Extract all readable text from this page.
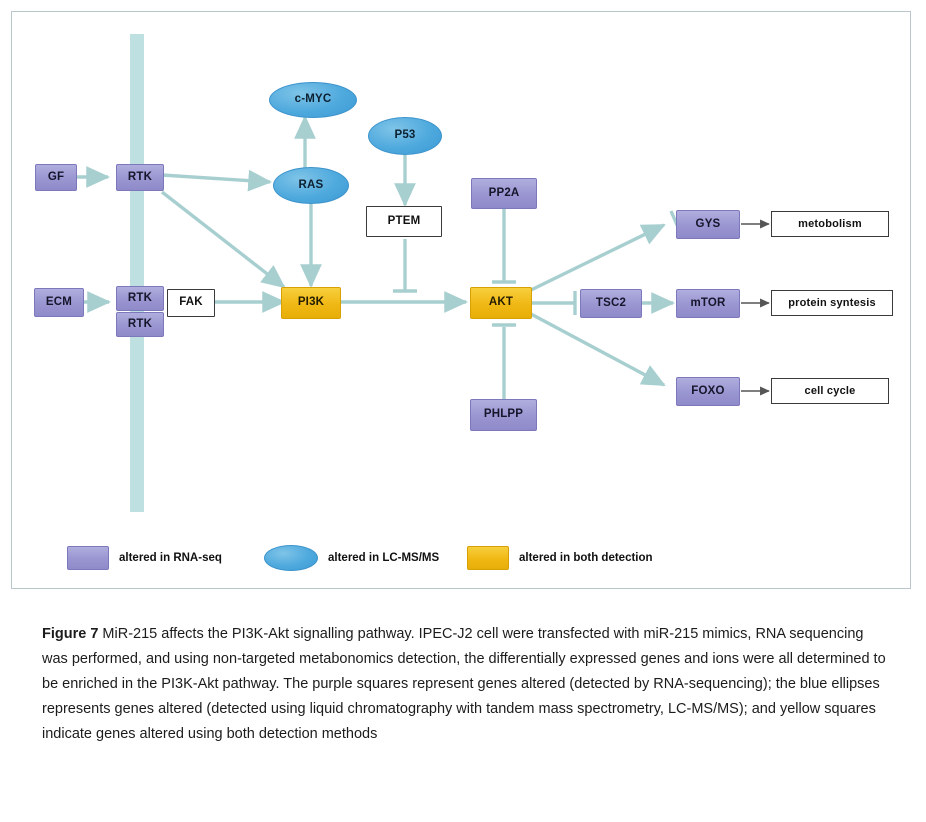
GF	RTK
ECM	RTK
RTK
FAK
c-MYC
RAS
P53
PTEM
PI3K
PP2A
AKT
PHLPP
GYS
TSC2	mTOR
FOXO
metobolism
protein syntesis
cell cycle
altered in RNA-seq	altered in LC-MS/MS	altered in both detection
Figure 7 MiR-215 affects the PI3K-Akt signalling pathway. IPEC-J2 cell were transfected with miR-215 mimics, RNA sequencing was performed, and using non-targeted metabonomics detection, the differentially expressed genes and ions were all determined to be enriched in the PI3K-Akt pathway. The purple squares represent genes altered (detected by RNA-sequencing); the blue ellipses represents genes altered (detected using liquid chromatography with tandem mass spectrometry, LC-MS/MS); and yellow squares indicate genes altered using both detection methods
